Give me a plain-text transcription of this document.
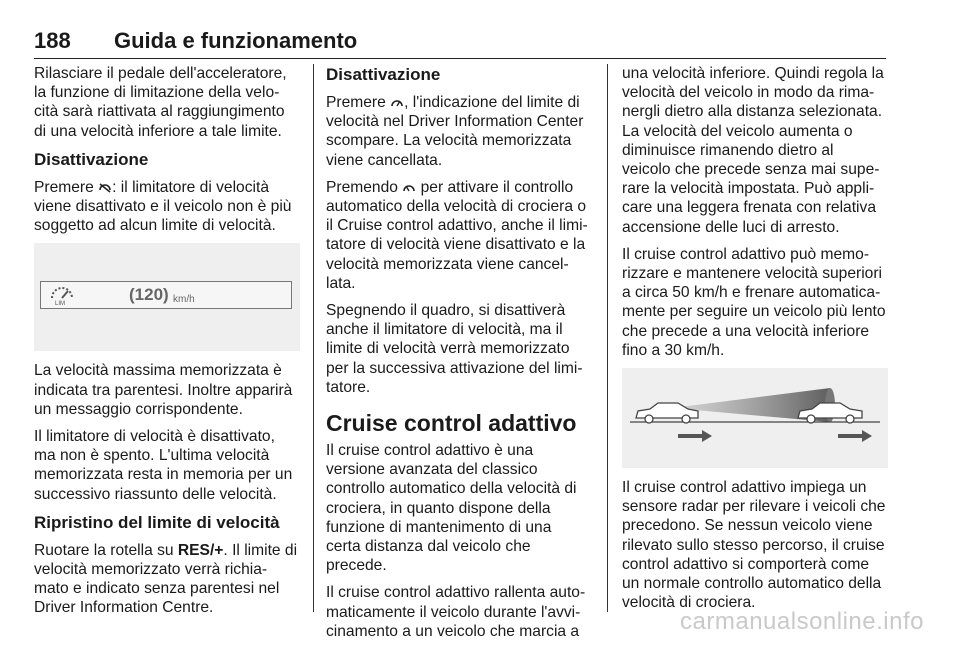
188 Guida e funzionamento

Rilasciare il pedale dell'acceleratore,
la funzione di limitazione della velo-
cità sarà riattivata al raggiungimento
di una velocità inferiore a tale limite.

Disattivazione

Premere : il limitatore di velocità
viene disattivato e il veicolo non è più
soggetto ad alcun limite di velocità.

LIM	(120) km/h

La velocità massima memorizzata è
indicata tra parentesi. Inoltre apparirà
un messaggio corrispondente.

Il limitatore di velocità è disattivato,
ma non è spento. L'ultima velocità
memorizzata resta in memoria per un
successivo riassunto delle velocità.

Ripristino del limite di velocità

Ruotare la rotella su RES/+. Il limite di
velocità memorizzato verrà richia-
mato e indicato senza parentesi nel
Driver Information Centre.

Disattivazione

Premere , l'indicazione del limite di
velocità nel Driver Information Center
scompare. La velocità memorizzata
viene cancellata.

Premendo  per attivare il controllo
automatico della velocità di crociera o
il Cruise control adattivo, anche il limi-
tatore di velocità viene disattivato e la
velocità memorizzata viene cancel-
lata.

Spegnendo il quadro, si disattiverà
anche il limitatore di velocità, ma il
limite di velocità verrà memorizzato
per la successiva attivazione del limi-
tatore.

Cruise control adattivo

Il cruise control adattivo è una
versione avanzata del classico
controllo automatico della velocità di
crociera, in quanto dispone della
funzione di mantenimento di una
certa distanza dal veicolo che
precede.

Il cruise control adattivo rallenta auto-
maticamente il veicolo durante l'avvi-
cinamento a un veicolo che marcia a

una velocità inferiore. Quindi regola la
velocità del veicolo in modo da rima-
nergli dietro alla distanza selezionata.
La velocità del veicolo aumenta o
diminuisce rimanendo dietro al
veicolo che precede senza mai supe-
rare la velocità impostata. Può appli-
care una leggera frenata con relativa
accensione delle luci di arresto.

Il cruise control adattivo può memo-
rizzare e mantenere velocità superiori
a circa 50 km/h e frenare automatica-
mente per seguire un veicolo più lento
che precede a una velocità inferiore
fino a 30 km/h.

Il cruise control adattivo impiega un
sensore radar per rilevare i veicoli che
precedono. Se nessun veicolo viene
rilevato sullo stesso percorso, il cruise
control adattivo si comporterà come
un normale controllo automatico della
velocità di crociera.

carmanualsonline.info
